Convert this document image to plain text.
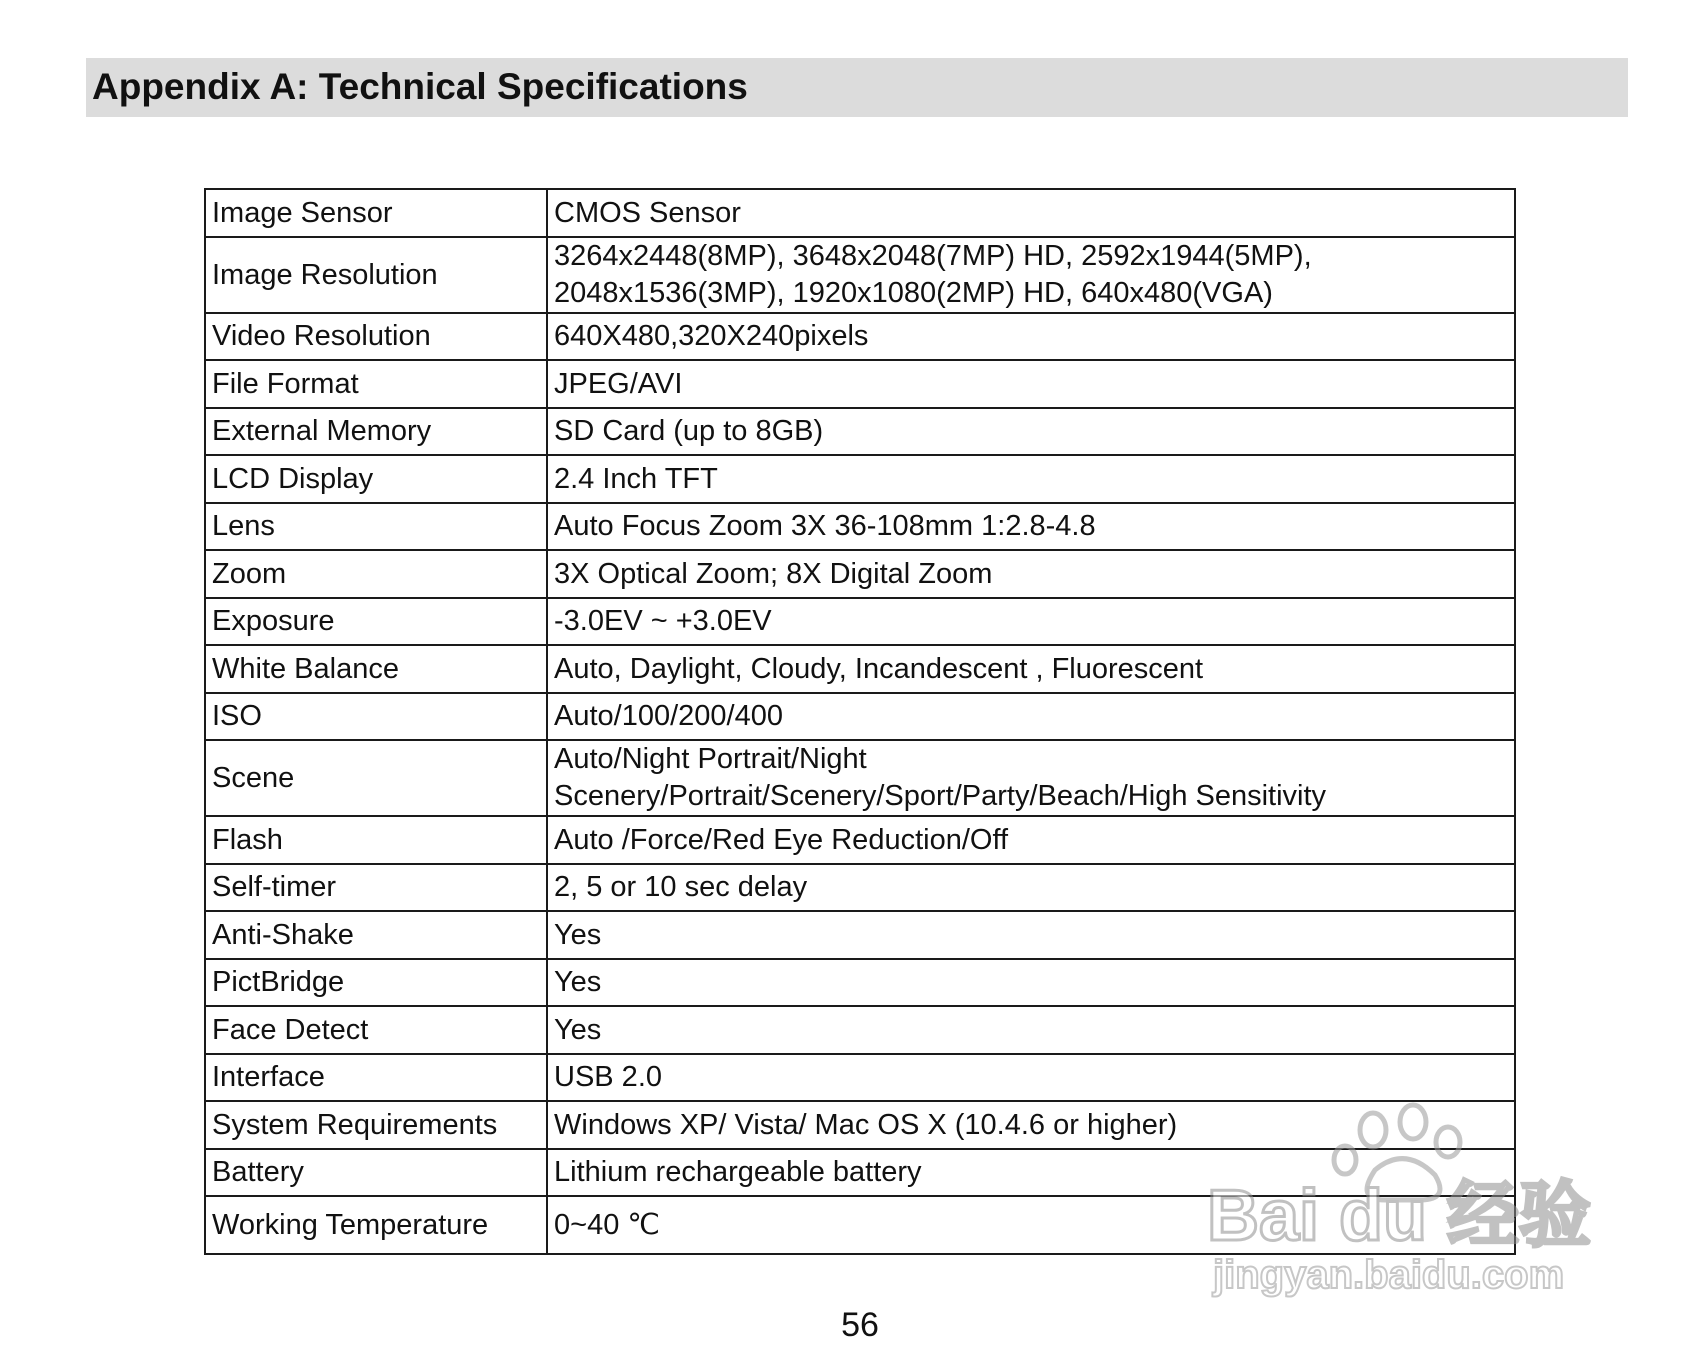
Appendix A: Technical Specifications
Image Sensor	CMOS Sensor
Image Resolution	3264x2448(8MP), 3648x2048(7MP) HD, 2592x1944(5MP), 2048x1536(3MP), 1920x1080(2MP) HD, 640x480(VGA)
Video Resolution	640X480,320X240pixels
File Format	JPEG/AVI
External Memory	SD Card (up to 8GB)
LCD Display	2.4 Inch TFT
Lens	Auto Focus Zoom 3X 36-108mm 1:2.8-4.8
Zoom	3X Optical Zoom; 8X Digital Zoom
Exposure	-3.0EV ~ +3.0EV
White Balance	Auto, Daylight, Cloudy, Incandescent , Fluorescent
ISO	Auto/100/200/400
Scene	Auto/Night Portrait/Night Scenery/Portrait/Scenery/Sport/Party/Beach/High Sensitivity
Flash	Auto /Force/Red Eye Reduction/Off
Self-timer	2, 5 or 10 sec delay
Anti-Shake	Yes
PictBridge	Yes
Face Detect	Yes
Interface	USB 2.0
System Requirements	Windows XP/ Vista/ Mac OS X (10.4.6 or higher)
Battery	Lithium rechargeable battery
Working Temperature	0~40 ℃
56
Bai du 经验
jingyan.baidu.com
